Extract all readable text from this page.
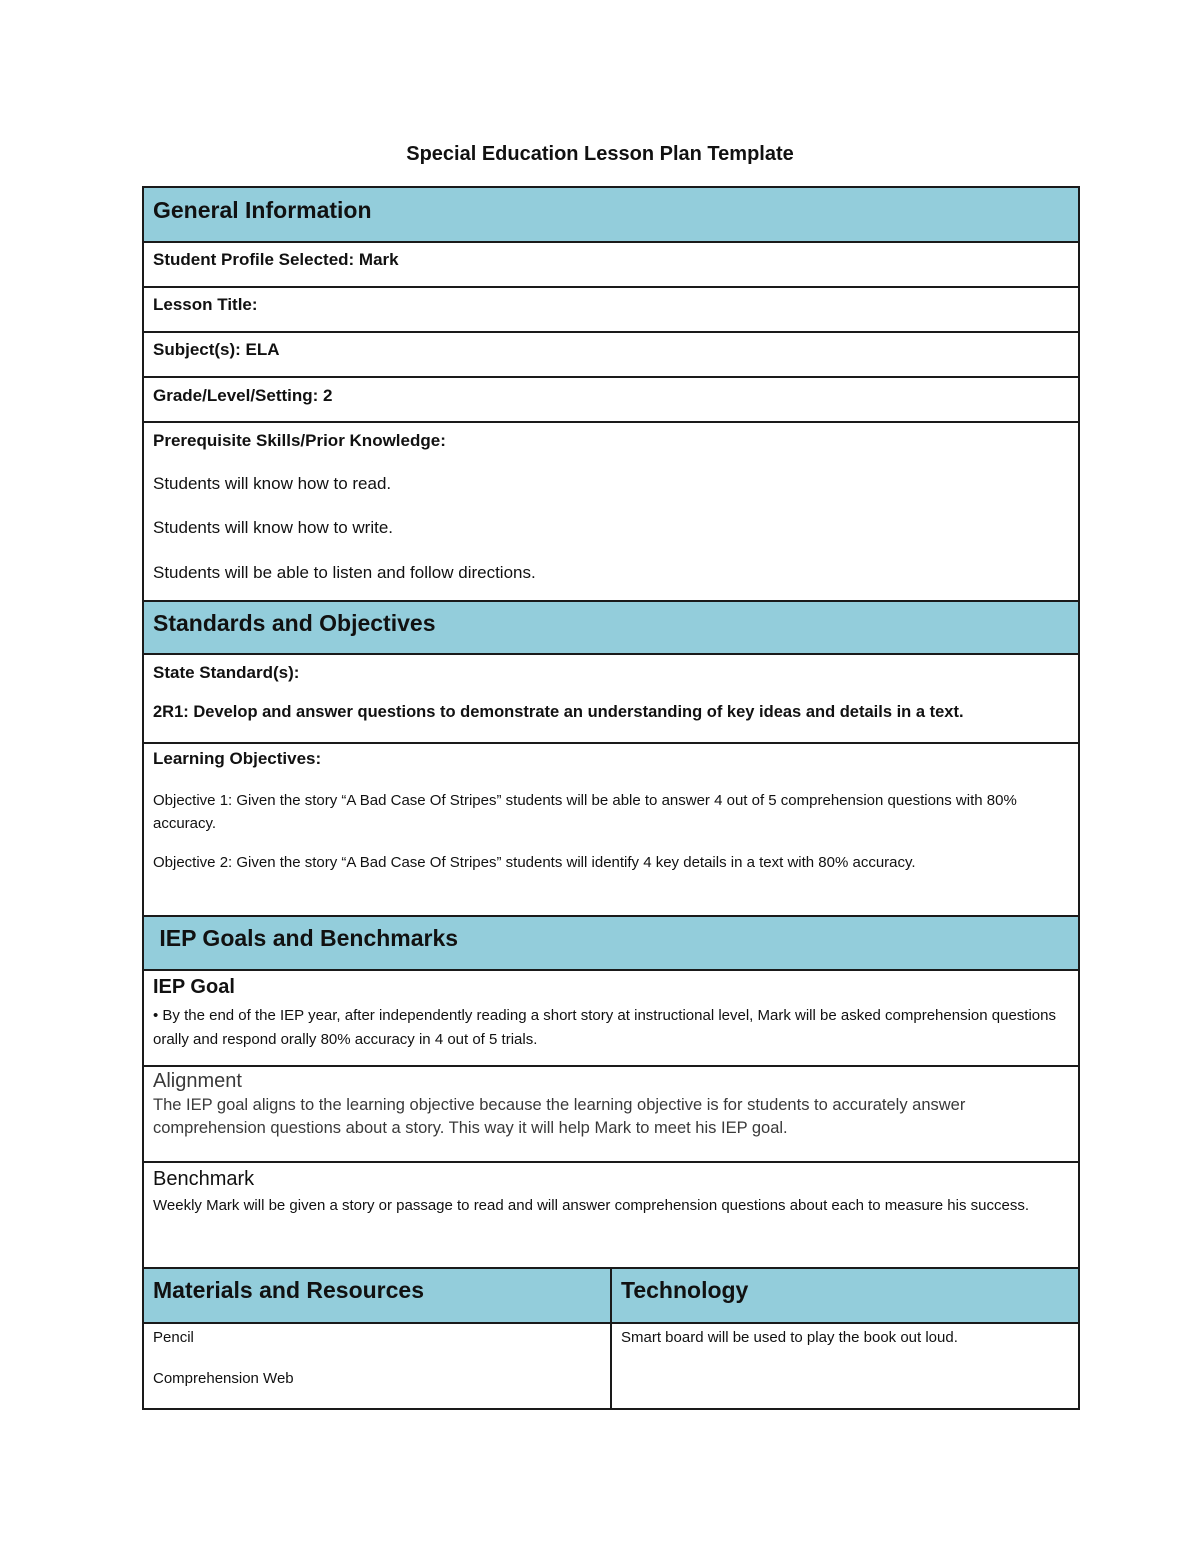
Special Education Lesson Plan Template
General Information
Student Profile Selected: Mark
Lesson Title:
Subject(s): ELA
Grade/Level/Setting: 2
Prerequisite Skills/Prior Knowledge:
Students will know how to read.
Students will know how to write.
Students will be able to listen and follow directions.
Standards and Objectives
State Standard(s):
2R1: Develop and answer questions to demonstrate an understanding of key ideas and details in a text.
Learning Objectives:
Objective 1: Given the story “A Bad Case Of Stripes” students will be able to answer 4 out of 5 comprehension questions with 80% accuracy.
Objective 2: Given the story “A Bad Case Of Stripes” students will identify 4 key details in a text with 80% accuracy.
IEP Goals and Benchmarks
IEP Goal
• By the end of the IEP year, after independently reading a short story at instructional level, Mark will be asked comprehension questions orally and respond orally 80% accuracy in 4 out of 5 trials.
Alignment
The IEP goal aligns to the learning objective because the learning objective is for students to accurately answer comprehension questions about a story. This way it will help Mark to meet his IEP goal.
Benchmark
Weekly Mark will be given a story or passage to read and will answer comprehension questions about each to measure his success.
Materials and Resources	Technology
Pencil
Comprehension Web
Smart board will be used to play the book out loud.
